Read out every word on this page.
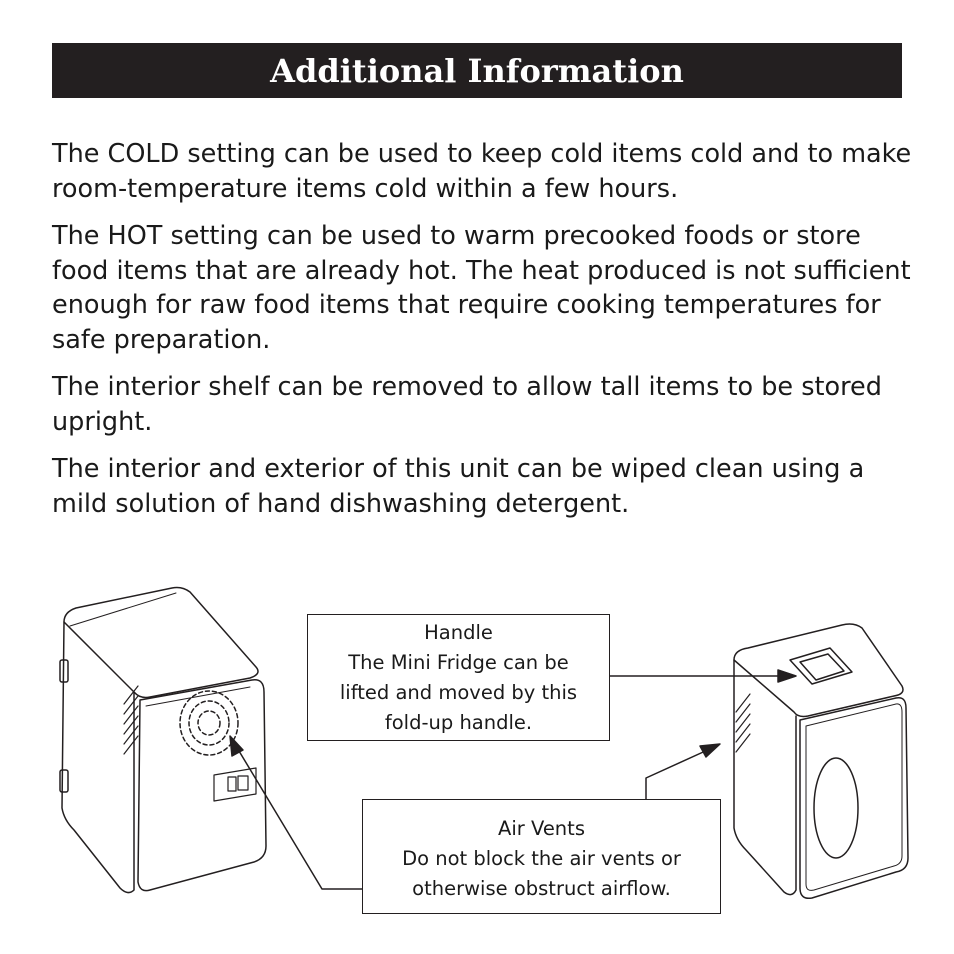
Additional Information

The COLD setting can be used to keep cold items cold and to make room-temperature items cold within a few hours.

The HOT setting can be used to warm precooked foods or store food items that are already hot. The heat produced is not sufficient enough for raw food items that require cooking temperatures for safe preparation.

The interior shelf can be removed to allow tall items to be stored upright.

The interior and exterior of this unit can be wiped clean using a mild solution of hand dishwashing detergent.

Handle
The Mini Fridge can be
lifted and moved by this
fold-up handle.
Air Vents
Do not block the air vents or
otherwise obstruct airflow.
